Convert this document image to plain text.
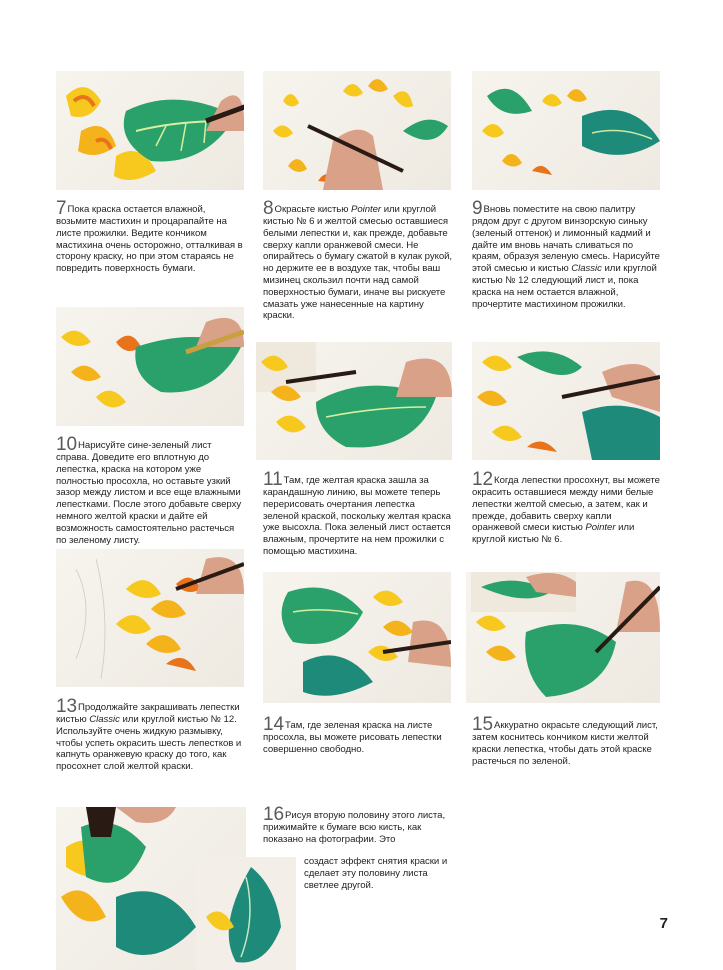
7Пока краска остается влажной, возьмите мастихин и процарапайте на листе прожилки. Ведите кончиком мастихина очень осторожно, отталкивая в сторону краску, но при этом стараясь не повредить поверхность бумаги.
8Окрасьте кистью Pointer или круглой кистью № 6 и желтой смесью оставшиеся белыми лепестки и, как прежде, добавьте сверху капли оранжевой смеси. Не опирайтесь о бумагу сжатой в кулак рукой, но держите ее в воздухе так, чтобы ваш мизинец скользил почти над самой поверхностью бумаги, иначе вы рискуете смазать уже нанесенные на картину краски.
9Вновь поместите на свою палитру рядом друг с другом винзорскую синьку (зеленый оттенок) и лимонный кадмий и дайте им вновь начать сливаться по краям, образуя зеленую смесь. Нарисуйте этой смесью и кистью Classic или круглой кистью № 12 следующий лист и, пока краска на нем остается влажной, прочертите мастихином прожилки.
10Нарисуйте сине-зеленый лист справа. Доведите его вплотную до лепестка, краска на котором уже полностью просохла, но оставьте узкий зазор между листом и все еще влажными лепестками. После этого добавьте сверху немного желтой краски и дайте ей возможность самостоятельно растечься по зеленому листу.
11Там, где желтая краска зашла за карандашную линию, вы можете теперь перерисовать очертания лепестка зеленой краской, поскольку желтая краска уже высохла. Пока зеленый лист остается влажным, прочертите на нем прожилки с помощью мастихина.
12Когда лепестки просохнут, вы можете окрасить оставшиеся между ними белые лепестки желтой смесью, а затем, как и прежде, добавить сверху капли оранжевой смеси кистью Pointer или круглой кистью № 6.
13Продолжайте закрашивать лепестки кистью Classic или круглой кистью № 12. Используйте очень жидкую размывку, чтобы успеть окрасить шесть лепестков и капнуть оранжевую краску до того, как просохнет слой желтой краски.
14Там, где зеленая краска на листе просохла, вы можете рисовать лепестки совершенно свободно.
15Аккуратно окрасьте следующий лист, затем коснитесь кончиком кисти желтой краски лепестка, чтобы дать этой краске растечься по зеленой.
16Рисуя вторую половину этого листа, прижимайте к бумаге всю кисть, как показано на фотографии. Это
создаст эффект снятия краски и сделает эту половину листа светлее другой.
7
